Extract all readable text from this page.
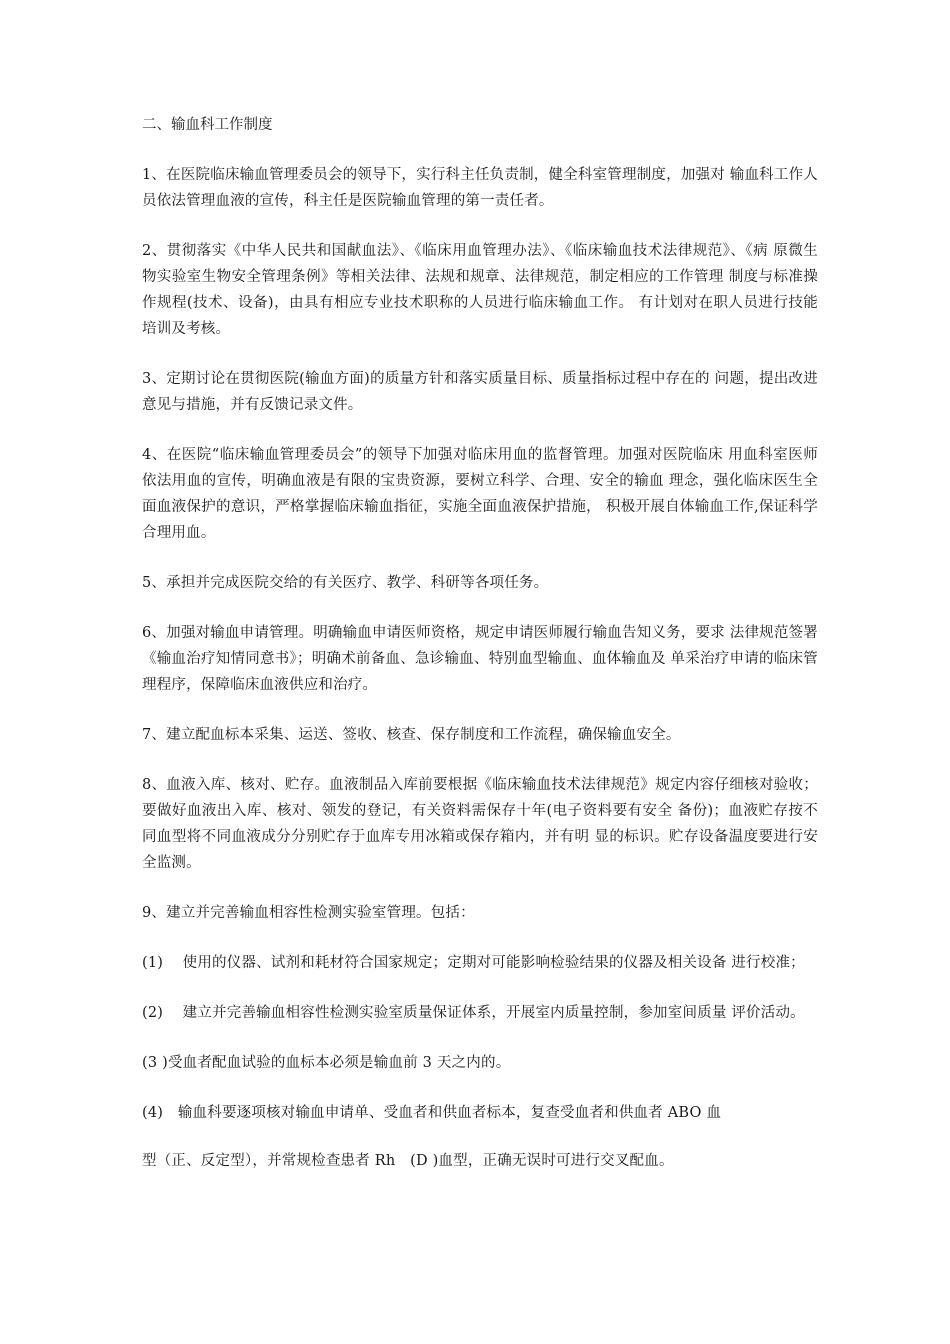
二、输血科工作制度

1、在医院临床输血管理委员会的领导下，实行科主任负责制，健全科室管理制度，加强对 输血科工作人员依法管理血液的宣传，科主任是医院输血管理的第一责任者。

2、贯彻落实《中华人民共和国献血法》、《临床用血管理办法》、《临床输血技术法律规范》、《病 原微生物实验室生物安全管理条例》等相关法律、法规和规章、法律规范，制定相应的工作管理 制度与标准操作规程(技术、设备)，由具有相应专业技术职称的人员进行临床输血工作。 有计划对在职人员进行技能培训及考核。

3、定期讨论在贯彻医院(输血方面)的质量方针和落实质量目标、质量指标过程中存在的 问题，提出改进意见与措施，并有反馈记录文件。

4、在医院“临床输血管理委员会”的领导下加强对临床用血的监督管理。加强对医院临床 用血科室医师依法用血的宣传，明确血液是有限的宝贵资源，要树立科学、合理、安全的输血 理念，强化临床医生全面血液保护的意识，严格掌握临床输血指征，实施全面血液保护措施， 积极开展自体输血工作,保证科学合理用血。

5、承担并完成医院交给的有关医疗、教学、科研等各项任务。

6、加强对输血申请管理。明确输血申请医师资格，规定申请医师履行输血告知义务，要求 法律规范签署《输血治疗知情同意书》；明确术前备血、急诊输血、特别血型输血、血体输血及 单采治疗申请的临床管理程序，保障临床血液供应和治疗。

7、建立配血标本采集、运送、签收、核查、保存制度和工作流程，确保输血安全。

8、血液入库、核对、贮存。血液制品入库前要根据《临床输血技术法律规范》规定内容仔细核对验收；要做好血液出入库、核对、领发的登记，有关资料需保存十年(电子资料要有安全 备份)；血液贮存按不同血型将不同血液成分分别贮存于血库专用冰箱或保存箱内，并有明 显的标识。贮存设备温度要进行安全监测。

9、建立并完善输血相容性检测实验室管理。包括：

(1)　 使用的仪器、试剂和耗材符合国家规定；定期对可能影响检验结果的仪器及相关设备 进行校准；

(2)　 建立并完善输血相容性检测实验室质量保证体系，开展室内质量控制，参加室间质量 评价活动。

(3 )受血者配血试验的血标本必须是输血前 3 天之内的。

(4)　输血科要逐项核对输血申请单、受血者和供血者标本，复查受血者和供血者 ABO 血

型（正、反定型），并常规检查患者 Rh　(D )血型，正确无误时可进行交叉配血。
